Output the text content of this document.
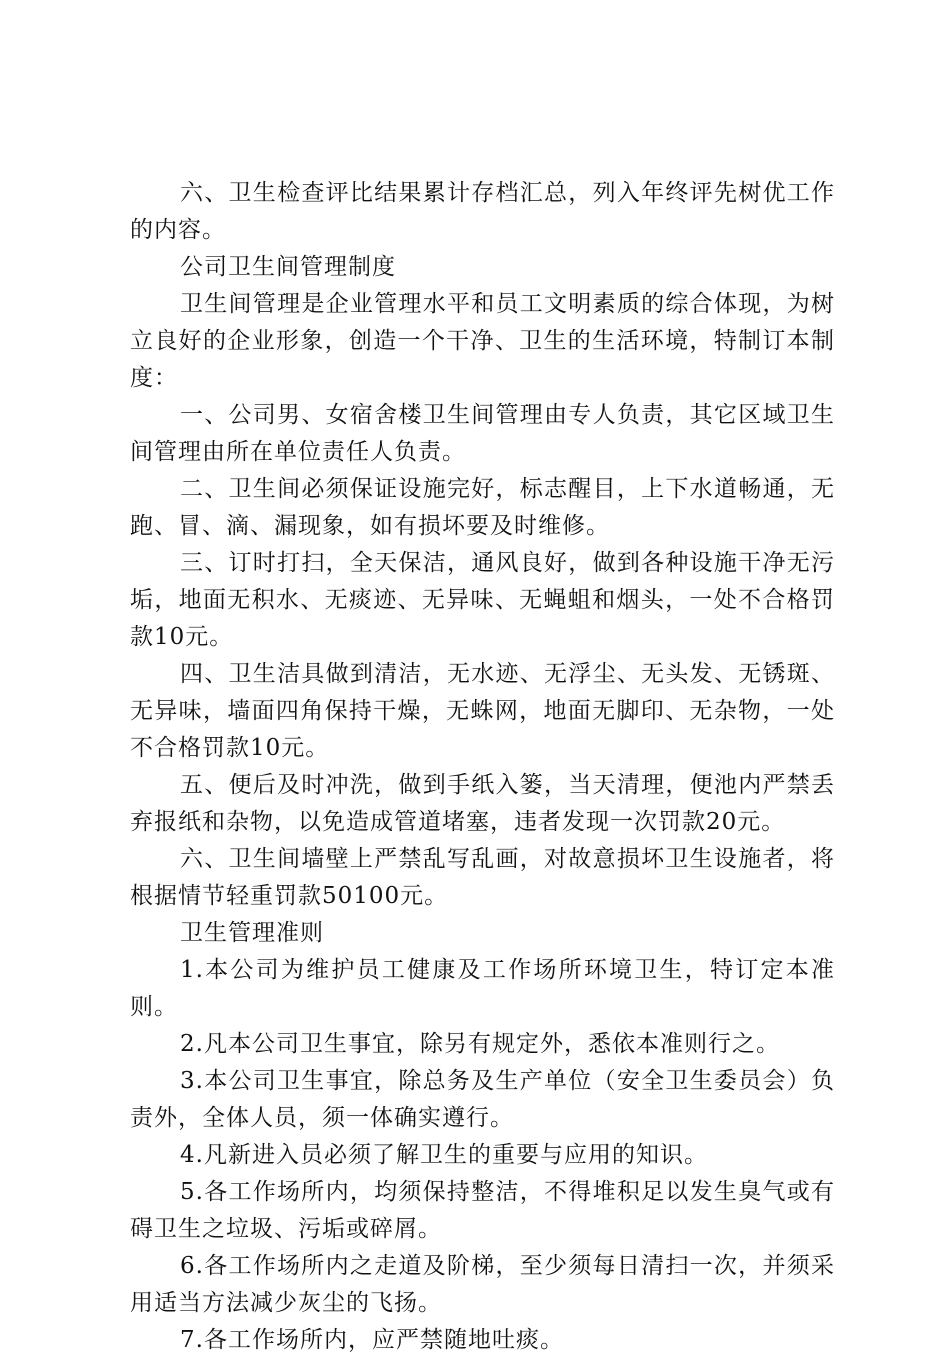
六、卫生检查评比结果累计存档汇总，列入年终评先树优工作的内容。

公司卫生间管理制度

卫生间管理是企业管理水平和员工文明素质的综合体现，为树立良好的企业形象，创造一个干净、卫生的生活环境，特制订本制度：

一、公司男、女宿舍楼卫生间管理由专人负责，其它区域卫生间管理由所在单位责任人负责。

二、卫生间必须保证设施完好，标志醒目，上下水道畅通，无跑、冒、滴、漏现象，如有损坏要及时维修。

三、订时打扫，全天保洁，通风良好，做到各种设施干净无污垢，地面无积水、无痰迹、无异味、无蝇蛆和烟头，一处不合格罚款10元。

四、卫生洁具做到清洁，无水迹、无浮尘、无头发、无锈斑、无异味，墙面四角保持干燥，无蛛网，地面无脚印、无杂物，一处不合格罚款10元。

五、便后及时冲洗，做到手纸入篓，当天清理，便池内严禁丢弃报纸和杂物，以免造成管道堵塞，违者发现一次罚款20元。

六、卫生间墙壁上严禁乱写乱画，对故意损坏卫生设施者，将根据情节轻重罚款50100元。

卫生管理准则

1.本公司为维护员工健康及工作场所环境卫生，特订定本准则。

2.凡本公司卫生事宜，除另有规定外，悉依本准则行之。

3.本公司卫生事宜，除总务及生产单位（安全卫生委员会）负责外，全体人员，须一体确实遵行。

4.凡新进入员必须了解卫生的重要与应用的知识。

5.各工作场所内，均须保持整洁，不得堆积足以发生臭气或有碍卫生之垃圾、污垢或碎屑。

6.各工作场所内之走道及阶梯，至少须每日清扫一次，并须采用适当方法减少灰尘的飞扬。

7.各工作场所内，应严禁随地吐痰。
